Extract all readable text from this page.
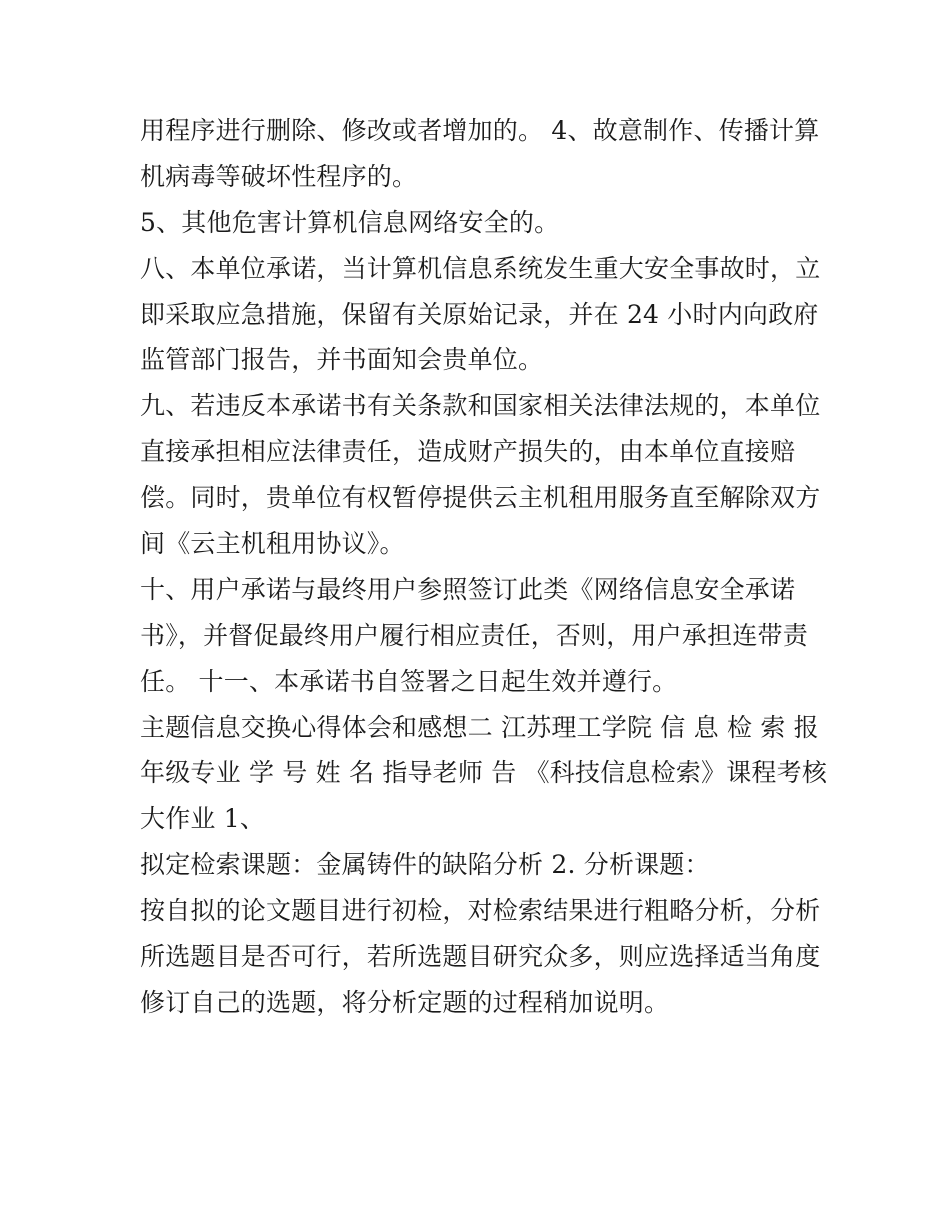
用程序进行删除、修改或者增加的。 4、故意制作、传播计算
机病毒等破坏性程序的。
5、其他危害计算机信息网络安全的。
八、本单位承诺，当计算机信息系统发生重大安全事故时，立
即采取应急措施，保留有关原始记录，并在 24 小时内向政府
监管部门报告，并书面知会贵单位。
九、若违反本承诺书有关条款和国家相关法律法规的，本单位
直接承担相应法律责任，造成财产损失的，由本单位直接赔
偿。同时，贵单位有权暂停提供云主机租用服务直至解除双方
间《云主机租用协议》。
十、用户承诺与最终用户参照签订此类《网络信息安全承诺
书》，并督促最终用户履行相应责任，否则，用户承担连带责
任。 十一、本承诺书自签署之日起生效并遵行。
主题信息交换心得体会和感想二 江苏理工学院 信 息 检 索 报
年级专业 学 号 姓 名 指导老师 告 《科技信息检索》课程考核
大作业 1、
拟定检索课题：金属铸件的缺陷分析 2. 分析课题：
按自拟的论文题目进行初检，对检索结果进行粗略分析，分析
所选题目是否可行，若所选题目研究众多，则应选择适当角度
修订自己的选题，将分析定题的过程稍加说明。
